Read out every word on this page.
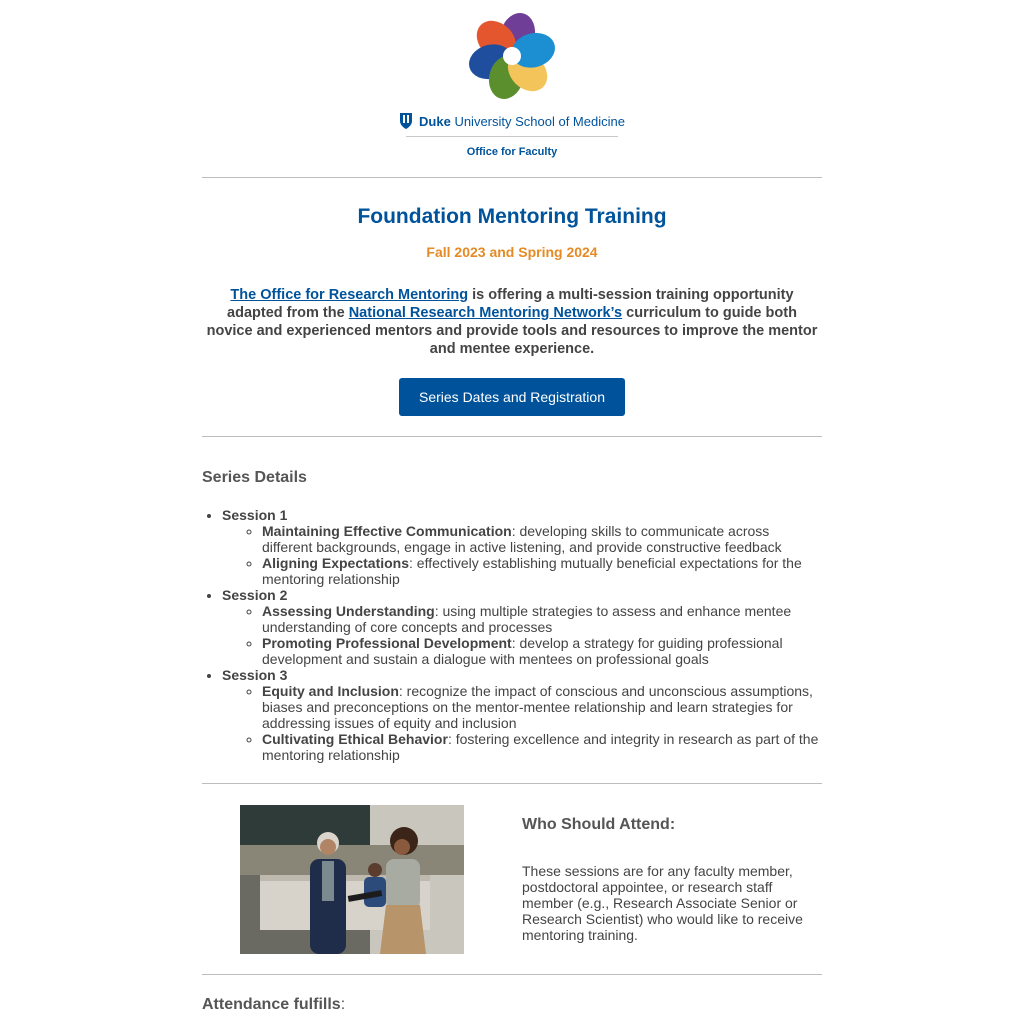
Duke University School of Medicine
Office for Faculty
Foundation Mentoring Training
Fall 2023 and Spring 2024
The Office for Research Mentoring is offering a multi-session training opportunity adapted from the National Research Mentoring Network’s curriculum to guide both novice and experienced mentors and provide tools and resources to improve the mentor and mentee experience.
Series Dates and Registration
Series Details
• Session 1
◦ Maintaining Effective Communication: developing skills to communicate across different backgrounds, engage in active listening, and provide constructive feedback
◦ Aligning Expectations: effectively establishing mutually beneficial expectations for the mentoring relationship
• Session 2
◦ Assessing Understanding: using multiple strategies to assess and enhance mentee understanding of core concepts and processes
◦ Promoting Professional Development: develop a strategy for guiding professional development and sustain a dialogue with mentees on professional goals
• Session 3
◦ Equity and Inclusion: recognize the impact of conscious and unconscious assumptions, biases and preconceptions on the mentor-mentee relationship and learn strategies for addressing issues of equity and inclusion
◦ Cultivating Ethical Behavior: fostering excellence and integrity in research as part of the mentoring relationship
Who Should Attend:
These sessions are for any faculty member, postdoctoral appointee, or research staff member (e.g., Research Associate Senior or Research Scientist) who would like to receive mentoring training.
Attendance fulfills:
